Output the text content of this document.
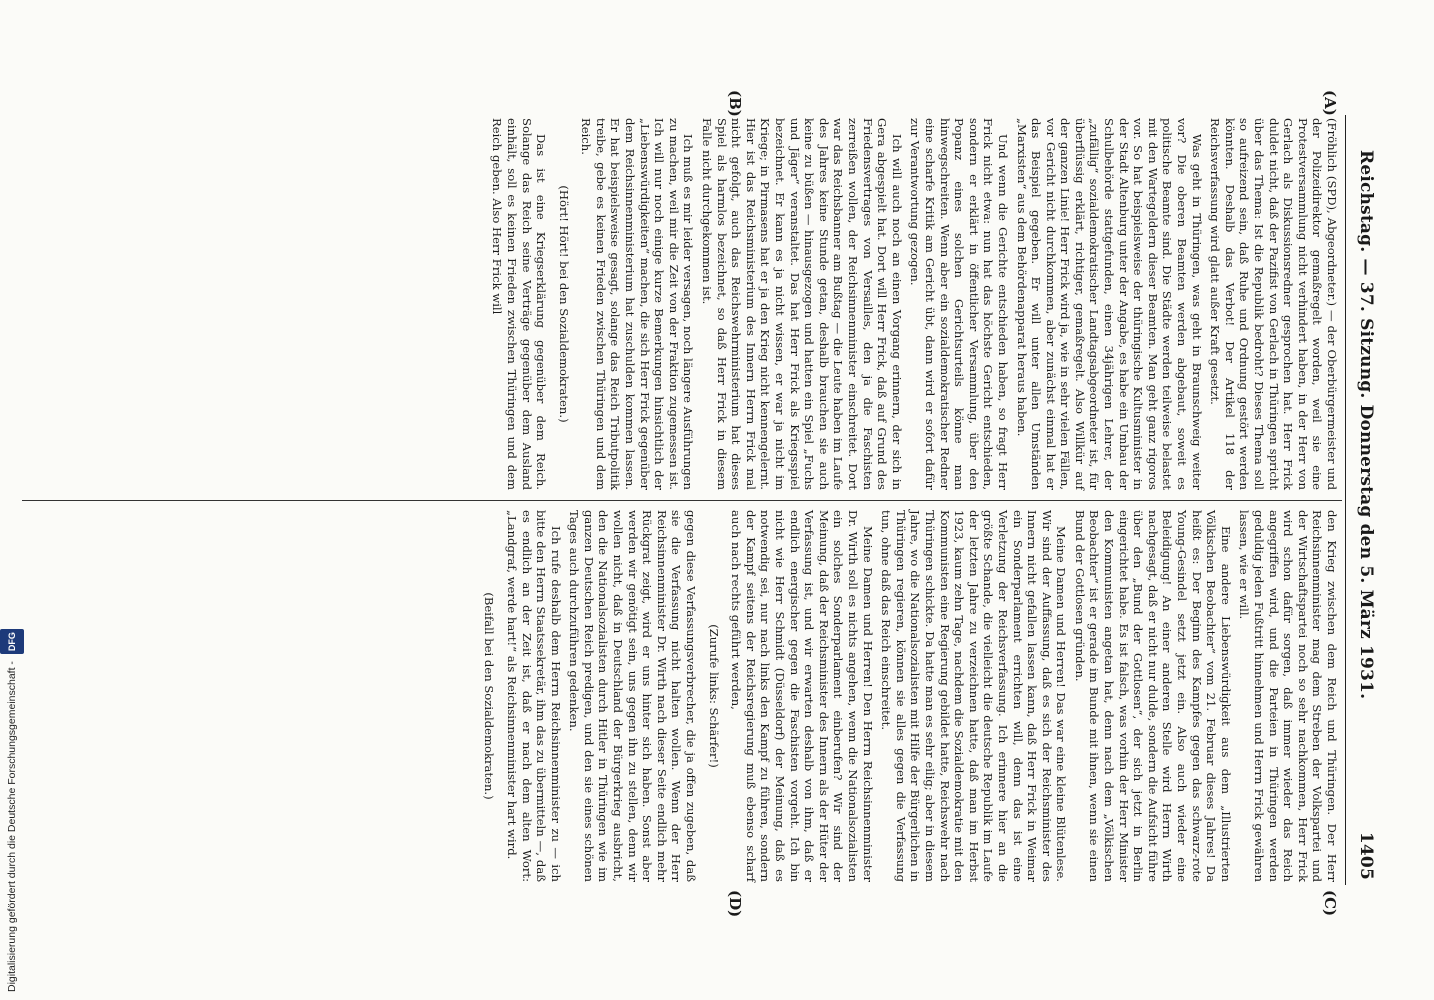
Reichstag. — 37. Sitzung. Donnerstag den 5. März 1931.
1405
(A)
(B)
(C)
(D)

(Fröhlich (SPD), Abgeordneter.) — der Oberbürgermeister und der Polizeidirektor gemaßregelt worden, weil sie eine Protestversammlung nicht verhindert haben, in der Herr von Gerlach als Diskussionsredner gesprochen hat. Herr Frick duldet nicht, daß der Pazifist von Gerlach in Thüringen spricht über das Thema: Ist die Republik bedroht? Dieses Thema soll so aufreizend sein, daß Ruhe und Ordnung gestört werden könnten. Deshalb das Verbot! Der Artikel 118 der Reichsverfassung wird glatt außer Kraft gesetzt.

Was geht in Thüringen, was geht in Braunschweig weiter vor? Die oberen Beamten werden abgebaut, soweit es politische Beamte sind. Die Städte werden teilweise belastet mit den Wartegeldern dieser Beamten. Man geht ganz rigoros vor. So hat beispielsweise der thüringische Kultusminister in der Stadt Altenburg unter der Angabe, es habe ein Umbau der Schulbehörde stattgefunden, einen 34jährigen Lehrer, der „zufällig“ sozialdemokratischer Landtagsabgeordneter ist, für überflüssig erklärt, richtiger, gemaßregelt. Also Willkür auf der ganzen Linie! Herr Frick wird ja, wie in sehr vielen Fällen, vor Gericht nicht durchkommen, aber zunächst einmal hat er das Beispiel gegeben. Er will unter allen Umständen „Marxisten“ aus dem Behördenapparat heraus haben.

Und wenn die Gerichte entschieden haben, so fragt Herr Frick nicht etwa: nun hat das höchste Gericht entschieden, sondern er erklärt in öffentlicher Versammlung, über den Popanz eines solchen Gerichtsurteils könne man hinwegschreiten. Wenn aber ein sozialdemokratischer Redner eine scharfe Kritik am Gericht übt, dann wird er sofort dafür zur Verantwortung gezogen.

Ich will auch noch an einen Vorgang erinnern, der sich in Gera abgespielt hat. Dort will Herr Frick, daß auf Grund des Friedensvertrages von Versailles, den ja die Faschisten zerreißen wollen, der Reichsinnenminister einschreitet. Dort war das Reichsbanner am Bußtag — die Leute haben im Laufe des Jahres keine Stunde getan, deshalb brauchen sie auch keine zu büßen — hinausgezogen und hatten ein Spiel „Fuchs und Jäger“ veranstaltet. Das hat Herr Frick als Kriegsspiel bezeichnet. Er kann es ja nicht wissen, er war ja nicht im Kriege; in Pirmasens hat er ja den Krieg nicht kennengelernt. Hier ist das Reichsministerium des Innern Herrn Frick mal nicht gefolgt, auch das Reichswehrministerium hat dieses Spiel als harmlos bezeichnet, so daß Herr Frick in diesem Falle nicht durchgekommen ist.

Ich muß es mir leider versagen, noch längere Ausführungen zu machen, weil mir die Zeit von der Fraktion zugemessen ist. Ich will nur noch einige kurze Bemerkungen hinsichtlich der „Liebenswürdigkeiten“ machen, die sich Herr Frick gegenüber dem Reichsinnenministerium hat zuschulden kommen lassen. Er hat beispielsweise gesagt, solange das Reich Tributpolitik treibe, gebe es keinen Frieden zwischen Thüringen und dem Reich.

(Hört! Hört! bei den Sozialdemokraten.)

Das ist eine Kriegserklärung gegenüber dem Reich. Solange das Reich seine Verträge gegenüber dem Ausland einhält, soll es keinen Frieden zwischen Thüringen und dem Reich geben. Also Herr Frick will

den Krieg zwischen dem Reich und Thüringen. Der Herr Reichsinnenminister mag dem Streben der Volkspartei und der Wirtschaftspartei noch so sehr nachkommen, Herr Frick wird schon dafür sorgen, daß immer wieder das Reich angegriffen wird, und die Parteien in Thüringen werden geduldig jeden Fußtritt hinnehmen und Herrn Frick gewähren lassen, wie er will.

Eine andere Liebenswürdigkeit aus dem „Illustrierten Völkischen Beobachter“ vom 21. Februar dieses Jahres! Da heißt es: Der Beginn des Kampfes gegen das schwarz-rote Young-Gesindel setzt jetzt ein. Also auch wieder eine Beleidigung! An einer anderen Stelle wird Herrn Wirth nachgesagt, daß er nicht nur dulde, sondern die Aufsicht führe über den „Bund der Gottlosen“, der sich jetzt in Berlin eingerichtet habe. Es ist falsch, was vorhin der Herr Minister den Kommunisten angetan hat, denn nach dem „Völkischen Beobachter“ ist er gerade im Bunde mit ihnen, wenn sie einen Bund der Gottlosen gründen.

Meine Damen und Herren! Das war eine kleine Blütenlese. Wir sind der Auffassung, daß es sich der Reichsminister des Innern nicht gefallen lassen kann, daß Herr Frick in Weimar ein Sonderparlament errichten will, denn das ist eine Verletzung der Reichsverfassung. Ich erinnere hier an die größte Schande, die vielleicht die deutsche Republik im Laufe der letzten Jahre zu verzeichnen hatte, daß man im Herbst 1923, kaum zehn Tage, nachdem die Sozialdemokratie mit den Kommunisten eine Regierung gebildet hatte, Reichswehr nach Thüringen schickte. Da hatte man es sehr eilig; aber in diesem Jahre, wo die Nationalsozialisten mit Hilfe der Bürgerlichen in Thüringen regieren, können sie alles gegen die Verfassung tun, ohne daß das Reich einschreitet.

Meine Damen und Herren! Den Herrn Reichsinnenminister Dr. Wirth soll es nichts angehen, wenn die Nationalsozialisten ein solches Sonderparlament einberufen? Wir sind der Meinung, daß der Reichsminister des Innern als der Hüter der Verfassung ist, und wir erwarten deshalb von ihm, daß er endlich energischer gegen die Faschisten vorgeht. Ich bin nicht wie Herr Schmidt (Düsseldorf) der Meinung, daß es notwendig sei, nur nach links den Kampf zu führen, sondern der Kampf seitens der Reichsregierung muß ebenso scharf auch nach rechts geführt werden,

(Zurufe links: Schärfer!)

gegen diese Verfassungsverbrecher, die ja offen zugeben, daß sie die Verfassung nicht halten wollen. Wenn der Herr Reichsinnenminister Dr. Wirth nach dieser Seite endlich mehr Rückgrat zeigt, wird er uns hinter sich haben. Sonst aber werden wir genötigt sein, uns gegen ihn zu stellen, denn wir wollen nicht, daß in Deutschland der Bürgerkrieg ausbricht, den die Nationalsozialisten durch Hitler in Thüringen wie im ganzen Deutschen Reich predigen, und den sie eines schönen Tages auch durchzuführen gedenken.

Ich rufe deshalb dem Herrn Reichsinnenminister zu — ich bitte den Herrn Staatssekretär, ihm das zu übermitteln —, daß es endlich an der Zeit ist, daß er nach dem alten Wort: „Landgraf, werde hart!“ als Reichsinnenminister hart wird.

(Beifall bei den Sozialdemokraten.)

Digitalisierung gefördert durch die Deutsche Forschungsgemeinschaft - DFG
